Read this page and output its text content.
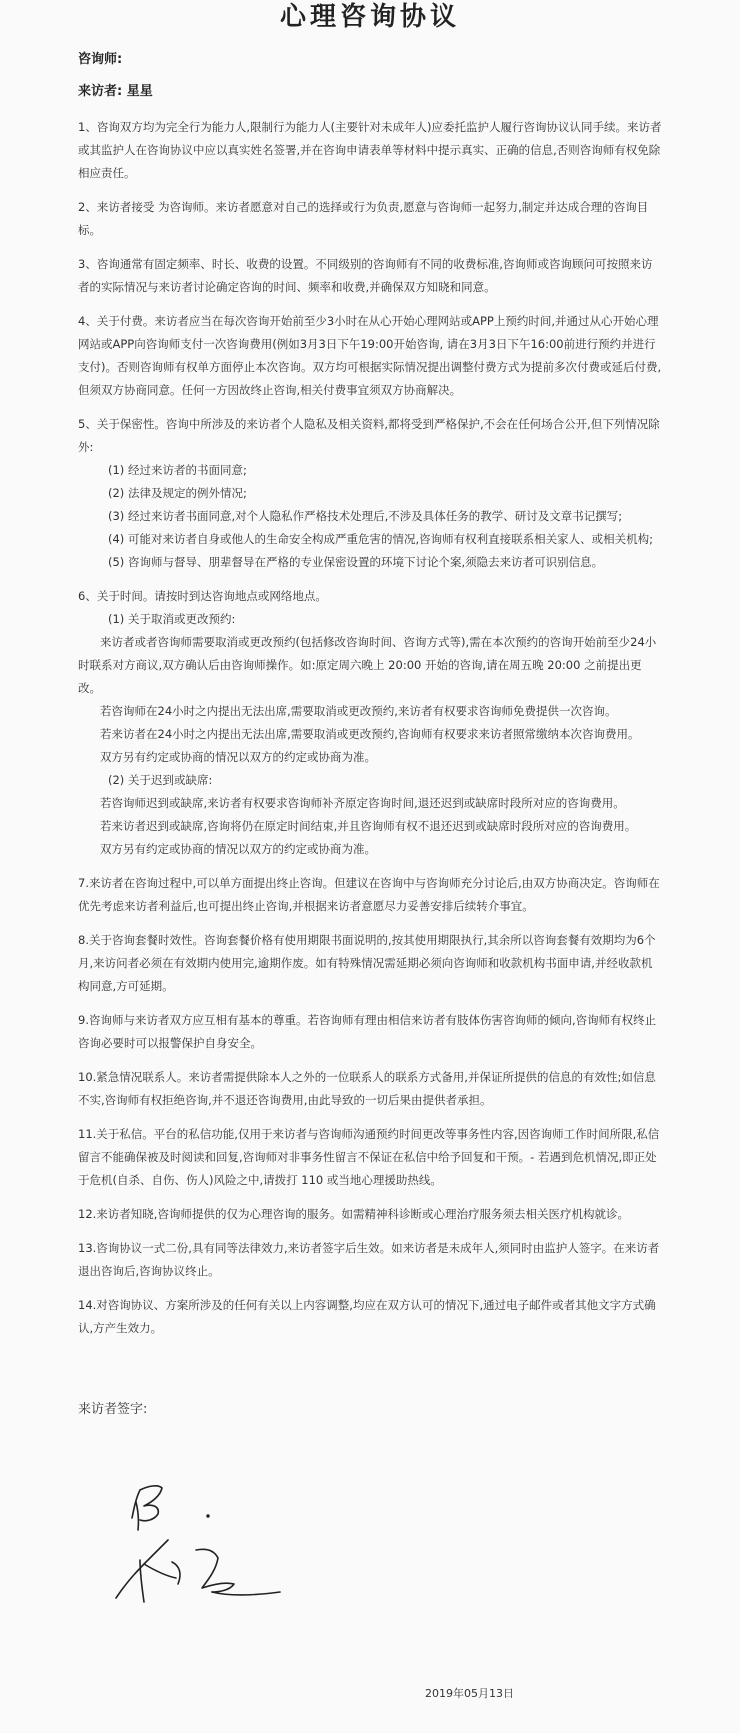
心理咨询协议

咨询师:

来访者: 星星

1、咨询双方均为完全行为能力人,限制行为能力人(主要针对未成年人)应委托监护人履行咨询协议认同手续。来访者或其监护人在咨询协议中应以真实姓名签署,并在咨询申请表单等材料中提示真实、正确的信息,否则咨询师有权免除相应责任。

2、来访者接受 为咨询师。来访者愿意对自己的选择或行为负责,愿意与咨询师一起努力,制定并达成合理的咨询目标。

3、咨询通常有固定频率、时长、收费的设置。不同级别的咨询师有不同的收费标准,咨询师或咨询顾问可按照来访者的实际情况与来访者讨论确定咨询的时间、频率和收费,并确保双方知晓和同意。

4、关于付费。来访者应当在每次咨询开始前至少3小时在从心开始心理网站或APP上预约时间,并通过从心开始心理网站或APP向咨询师支付一次咨询费用(例如3月3日下午19:00开始咨询, 请在3月3日下午16:00前进行预约并进行支付)。否则咨询师有权单方面停止本次咨询。双方均可根据实际情况提出调整付费方式为提前多次付费或延后付费,但须双方协商同意。任何一方因故终止咨询,相关付费事宜须双方协商解决。

5、关于保密性。咨询中所涉及的来访者个人隐私及相关资料,都将受到严格保护,不会在任何场合公开,但下列情况除外:

(1) 经过来访者的书面同意;

(2) 法律及规定的例外情况;

(3) 经过来访者书面同意,对个人隐私作严格技术处理后,不涉及具体任务的教学、研讨及文章书记撰写;

(4) 可能对来访者自身或他人的生命安全构成严重危害的情况,咨询师有权利直接联系相关家人、或相关机构;

(5) 咨询师与督导、朋辈督导在严格的专业保密设置的环境下讨论个案,须隐去来访者可识别信息。

6、关于时间。请按时到达咨询地点或网络地点。

(1) 关于取消或更改预约:

来访者或者咨询师需要取消或更改预约(包括修改咨询时间、咨询方式等),需在本次预约的咨询开始前至少24小时联系对方商议,双方确认后由咨询师操作。如:原定周六晚上 20:00 开始的咨询,请在周五晚 20:00 之前提出更改。

若咨询师在24小时之内提出无法出席,需要取消或更改预约,来访者有权要求咨询师免费提供一次咨询。

若来访者在24小时之内提出无法出席,需要取消或更改预约,咨询师有权要求来访者照常缴纳本次咨询费用。

双方另有约定或协商的情况以双方的约定或协商为准。

(2) 关于迟到或缺席:

若咨询师迟到或缺席,来访者有权要求咨询师补齐原定咨询时间,退还迟到或缺席时段所对应的咨询费用。

若来访者迟到或缺席,咨询将仍在原定时间结束,并且咨询师有权不退还迟到或缺席时段所对应的咨询费用。

双方另有约定或协商的情况以双方的约定或协商为准。

7.来访者在咨询过程中,可以单方面提出终止咨询。但建议在咨询中与咨询师充分讨论后,由双方协商决定。咨询师在优先考虑来访者利益后,也可提出终止咨询,并根据来访者意愿尽力妥善安排后续转介事宜。

8.关于咨询套餐时效性。咨询套餐价格有使用期限书面说明的,按其使用期限执行,其余所以咨询套餐有效期均为6个月,来访问者必须在有效期内使用完,逾期作废。如有特殊情况需延期必须向咨询师和收款机构书面申请,并经收款机构同意,方可延期。

9.咨询师与来访者双方应互相有基本的尊重。若咨询师有理由相信来访者有肢体伤害咨询师的倾向,咨询师有权终止咨询必要时可以报警保护自身安全。

10.紧急情况联系人。来访者需提供除本人之外的一位联系人的联系方式备用,并保证所提供的信息的有效性;如信息不实,咨询师有权拒绝咨询,并不退还咨询费用,由此导致的一切后果由提供者承担。

11.关于私信。平台的私信功能,仅用于来访者与咨询师沟通预约时间更改等事务性内容,因咨询师工作时间所限,私信留言不能确保被及时阅读和回复,咨询师对非事务性留言不保证在私信中给予回复和干预。- 若遇到危机情况,即正处于危机(自杀、自伤、伤人)风险之中,请拨打 110 或当地心理援助热线。

12.来访者知晓,咨询师提供的仅为心理咨询的服务。如需精神科诊断或心理治疗服务须去相关医疗机构就诊。

13.咨询协议一式二份,具有同等法律效力,来访者签字后生效。如来访者是未成年人,须同时由监护人签字。在来访者退出咨询后,咨询协议终止。

14.对咨询协议、方案所涉及的任何有关以上内容调整,均应在双方认可的情况下,通过电子邮件或者其他文字方式确认,方产生效力。

来访者签字:
2019年05月13日
